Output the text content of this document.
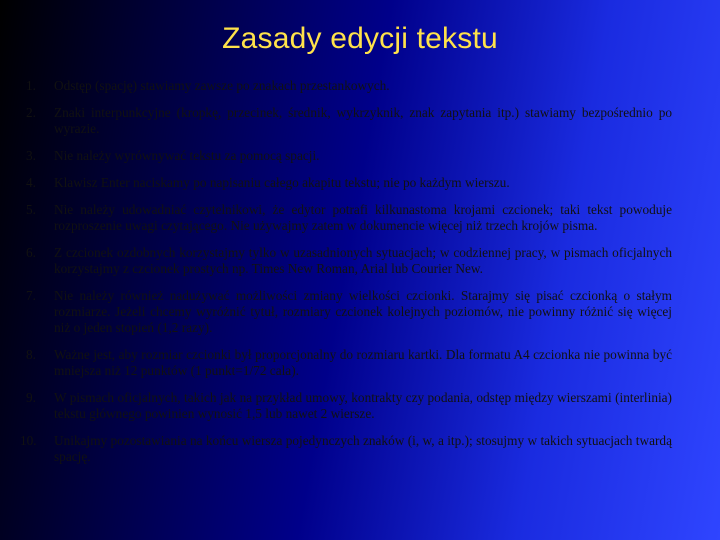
Zasady edycji tekstu
1.	Odstęp (spację) stawiamy zawsze po znakach przestankowych.
2.	Znaki interpunkcyjne (kropkę, przecinek, średnik, wykrzyknik, znak zapytania itp.) stawiamy bezpośrednio po wyrazie.
3.	Nie należy wyrównywać tekstu za pomocą spacji.
4.	Klawisz Enter naciskamy po napisaniu całego akapitu tekstu; nie po każdym wierszu.
5.	Nie należy udowadniać czytelnikowi, że edytor potrafi kilkunastoma krojami czcionek; taki tekst powoduje rozproszenie uwagi czytającego. Nie używajmy zatem w dokumencie więcej niż trzech krojów pisma.
6.	Z czcionek ozdobnych korzystajmy tylko w uzasadnionych sytuacjach; w codziennej pracy, w pismach oficjalnych korzystajmy z czcionek prostych np. Times New Roman, Arial lub Courier New.
7.	Nie należy również nadużywać możliwości zmiany wielkości czcionki. Starajmy się pisać czcionką o stałym rozmiarze. Jeżeli chcemy wyróżnić tytuł, rozmiary czcionek kolejnych poziomów, nie powinny różnić się więcej niż o jeden stopień (1,2 razy).
8.	Ważne jest, aby rozmiar czcionki był proporcjonalny do rozmiaru kartki. Dla formatu A4 czcionka nie powinna być mniejsza niż 12 punktów (1 punkt=1/72 cala).
9.	W pismach oficjalnych, takich jak na przykład umowy, kontrakty czy podania, odstęp między wierszami (interlinia) tekstu głównego powinien wynosić 1,5 lub nawet 2 wiersze.
10.	Unikajmy pozostawiania na końcu wiersza pojedynczych znaków (i, w, a itp.); stosujmy w takich sytuacjach twardą spację.
